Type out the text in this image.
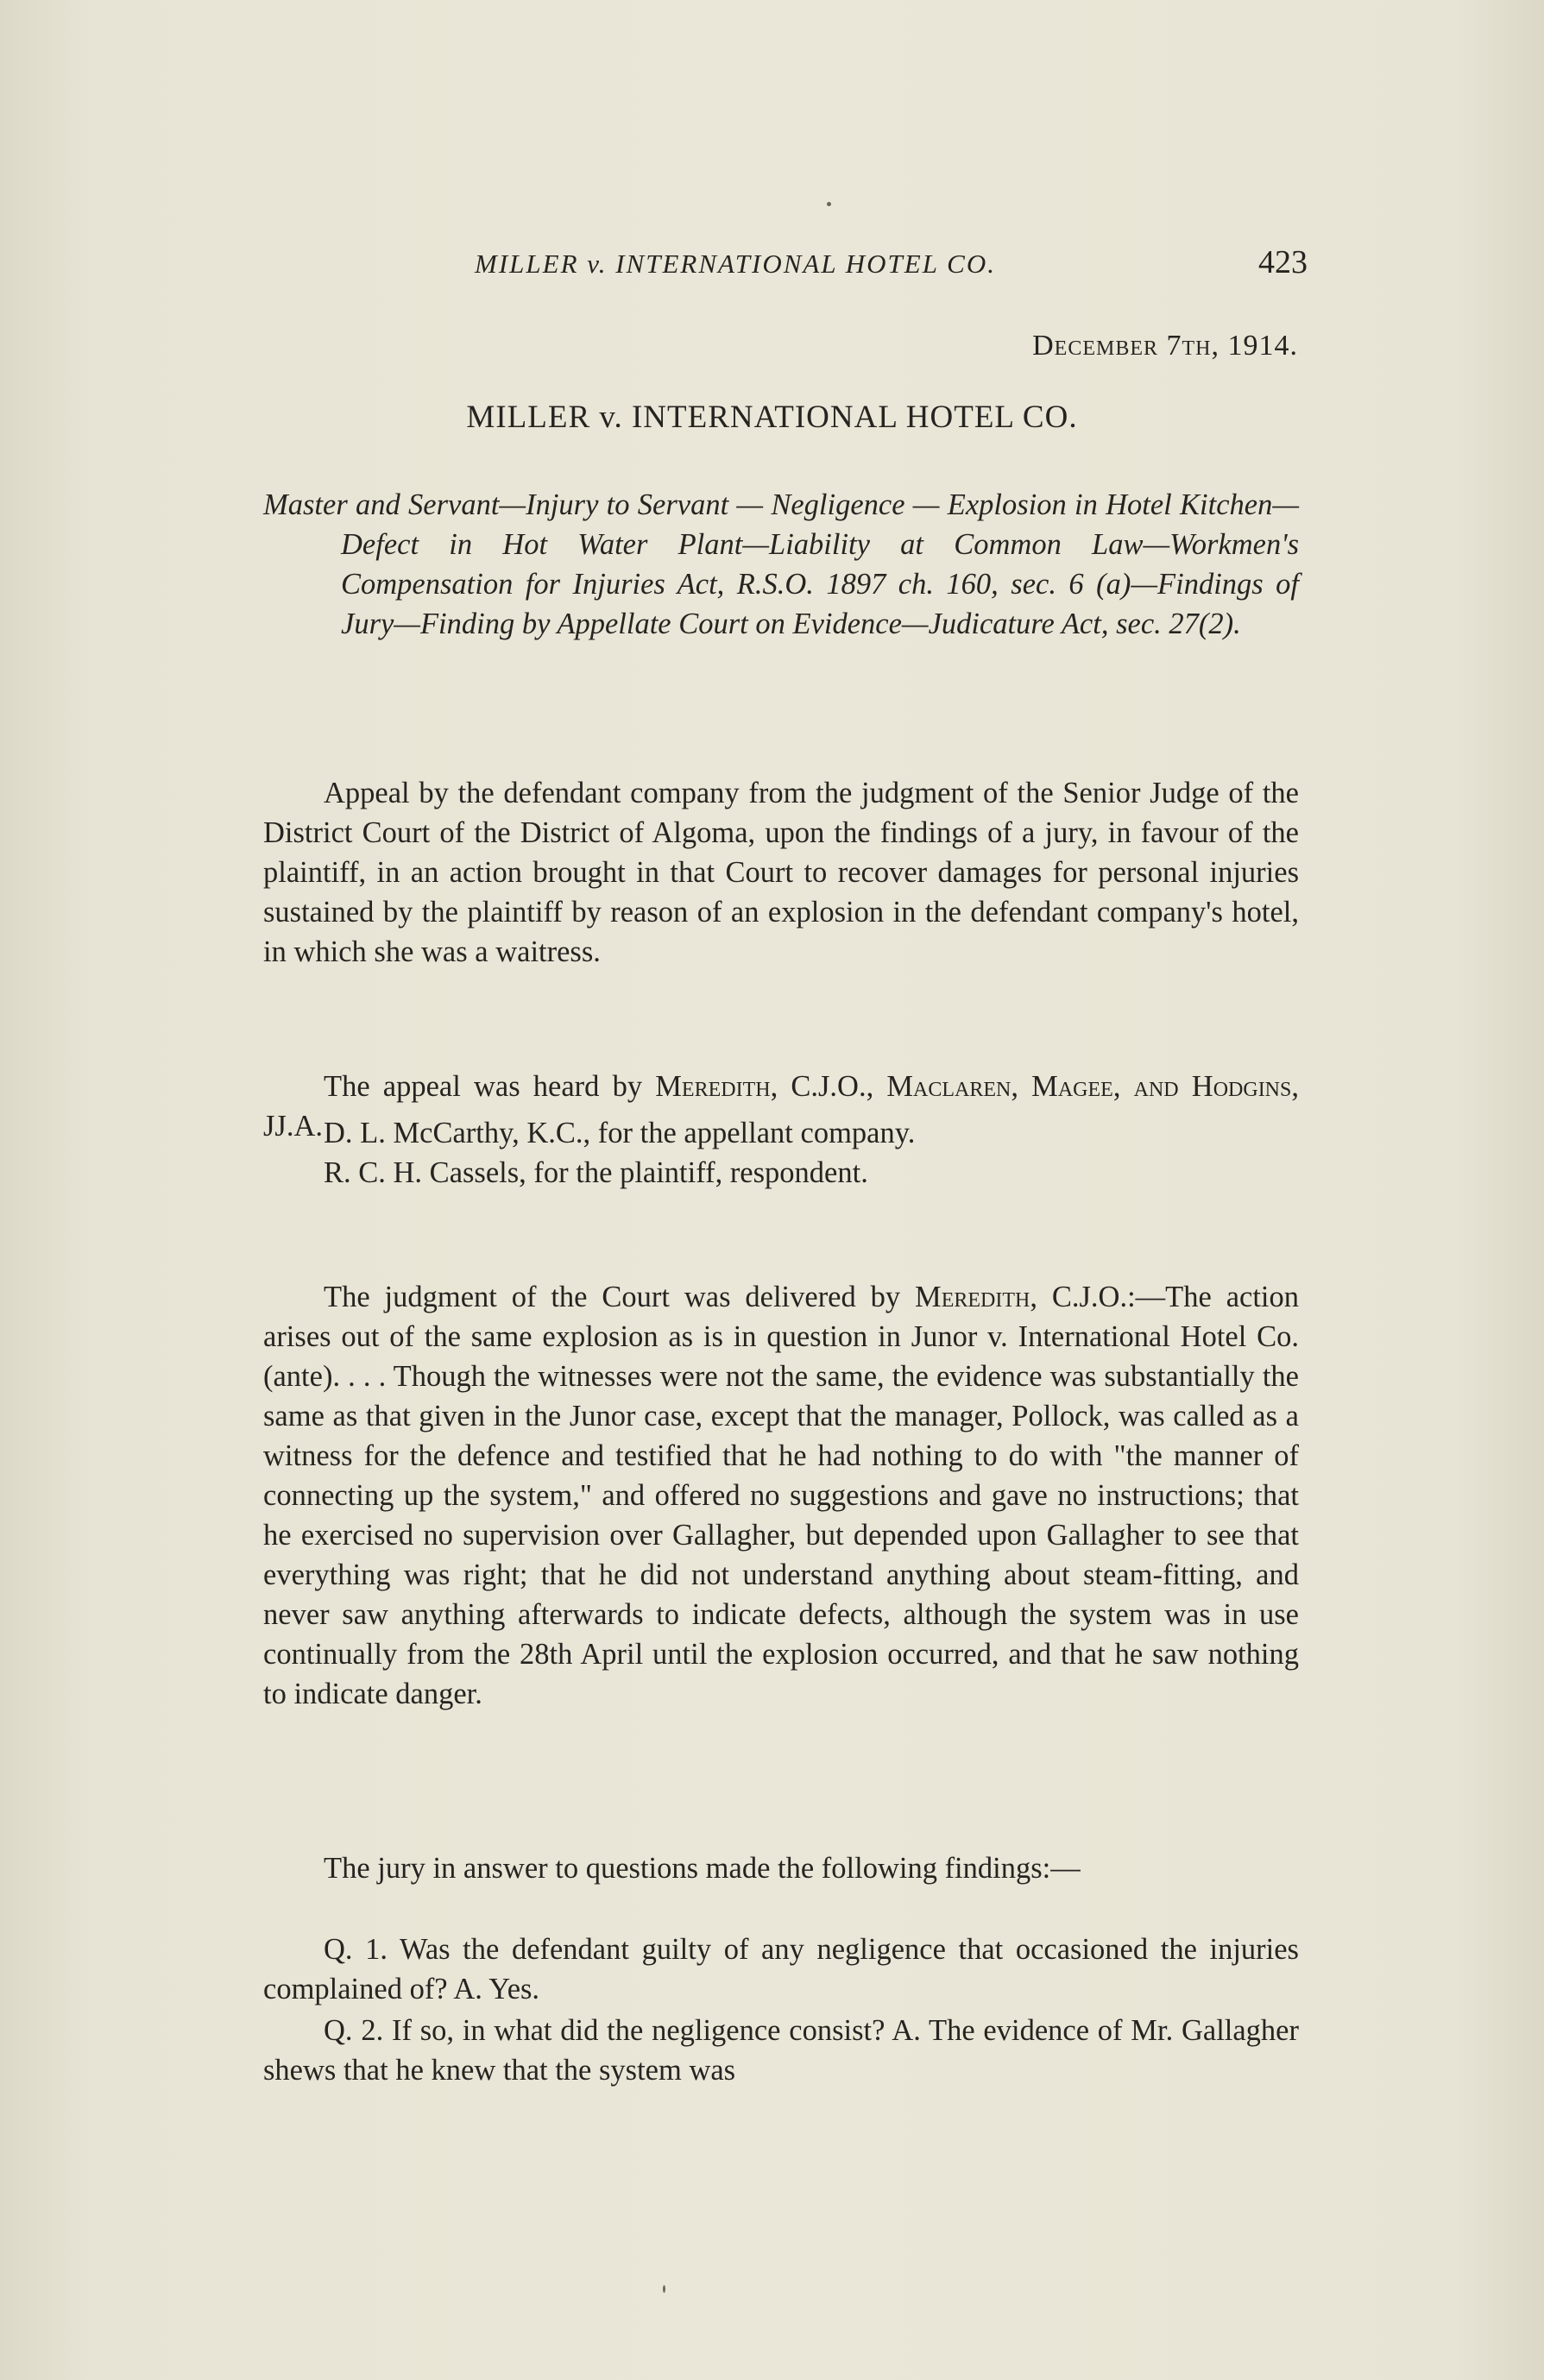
MILLER v. INTERNATIONAL HOTEL CO.	423
December 7th, 1914.
MILLER v. INTERNATIONAL HOTEL CO.
Master and Servant—Injury to Servant — Negligence — Explosion in Hotel Kitchen—Defect in Hot Water Plant—Liability at Common Law—Workmen's Compensation for Injuries Act, R.S.O. 1897 ch. 160, sec. 6 (a)—Findings of Jury—Finding by Appellate Court on Evidence—Judicature Act, sec. 27(2).
Appeal by the defendant company from the judgment of the Senior Judge of the District Court of the District of Algoma, upon the findings of a jury, in favour of the plaintiff, in an action brought in that Court to recover damages for personal injuries sustained by the plaintiff by reason of an explosion in the defendant company's hotel, in which she was a waitress.
The appeal was heard by Meredith, C.J.O., Maclaren, Magee, and Hodgins, JJ.A. D. L. McCarthy, K.C., for the appellant company.
R. C. H. Cassels, for the plaintiff, respondent.
The judgment of the Court was delivered by Meredith, C.J.O.:—The action arises out of the same explosion as is in question in Junor v. International Hotel Co. (ante). . . . Though the witnesses were not the same, the evidence was substantially the same as that given in the Junor case, except that the manager, Pollock, was called as a witness for the defence and testified that he had nothing to do with "the manner of connecting up the system," and offered no suggestions and gave no instructions; that he exercised no supervision over Gallagher, but depended upon Gallagher to see that everything was right; that he did not understand anything about steam-fitting, and never saw anything afterwards to indicate defects, although the system was in use continually from the 28th April until the explosion occurred, and that he saw nothing to indicate danger.
The jury in answer to questions made the following findings:—
Q. 1. Was the defendant guilty of any negligence that occasioned the injuries complained of? A. Yes.
Q. 2. If so, in what did the negligence consist? A. The evidence of Mr. Gallagher shews that he knew that the system was
